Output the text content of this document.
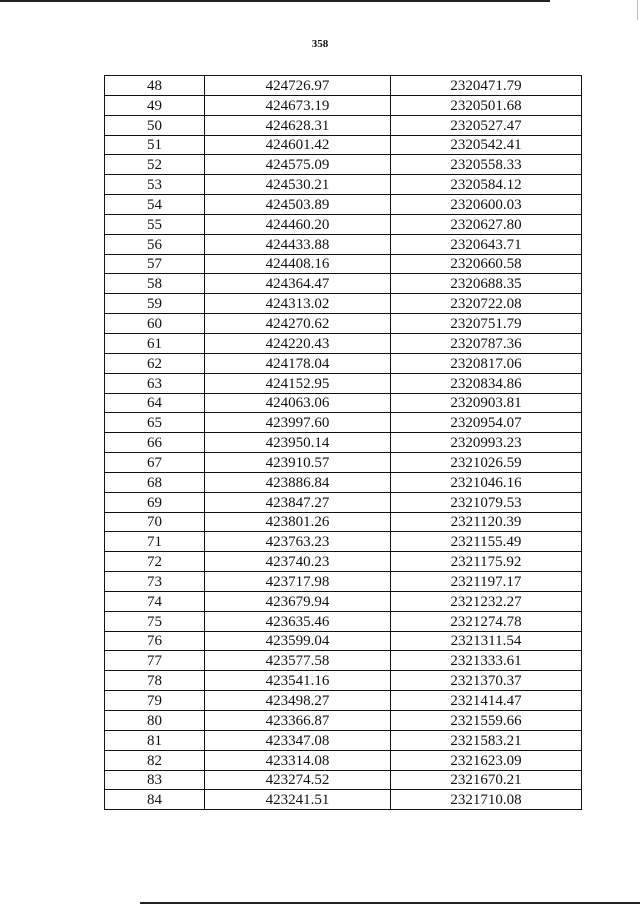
358
48	424726.97	2320471.79
49	424673.19	2320501.68
50	424628.31	2320527.47
51	424601.42	2320542.41
52	424575.09	2320558.33
53	424530.21	2320584.12
54	424503.89	2320600.03
55	424460.20	2320627.80
56	424433.88	2320643.71
57	424408.16	2320660.58
58	424364.47	2320688.35
59	424313.02	2320722.08
60	424270.62	2320751.79
61	424220.43	2320787.36
62	424178.04	2320817.06
63	424152.95	2320834.86
64	424063.06	2320903.81
65	423997.60	2320954.07
66	423950.14	2320993.23
67	423910.57	2321026.59
68	423886.84	2321046.16
69	423847.27	2321079.53
70	423801.26	2321120.39
71	423763.23	2321155.49
72	423740.23	2321175.92
73	423717.98	2321197.17
74	423679.94	2321232.27
75	423635.46	2321274.78
76	423599.04	2321311.54
77	423577.58	2321333.61
78	423541.16	2321370.37
79	423498.27	2321414.47
80	423366.87	2321559.66
81	423347.08	2321583.21
82	423314.08	2321623.09
83	423274.52	2321670.21
84	423241.51	2321710.08
